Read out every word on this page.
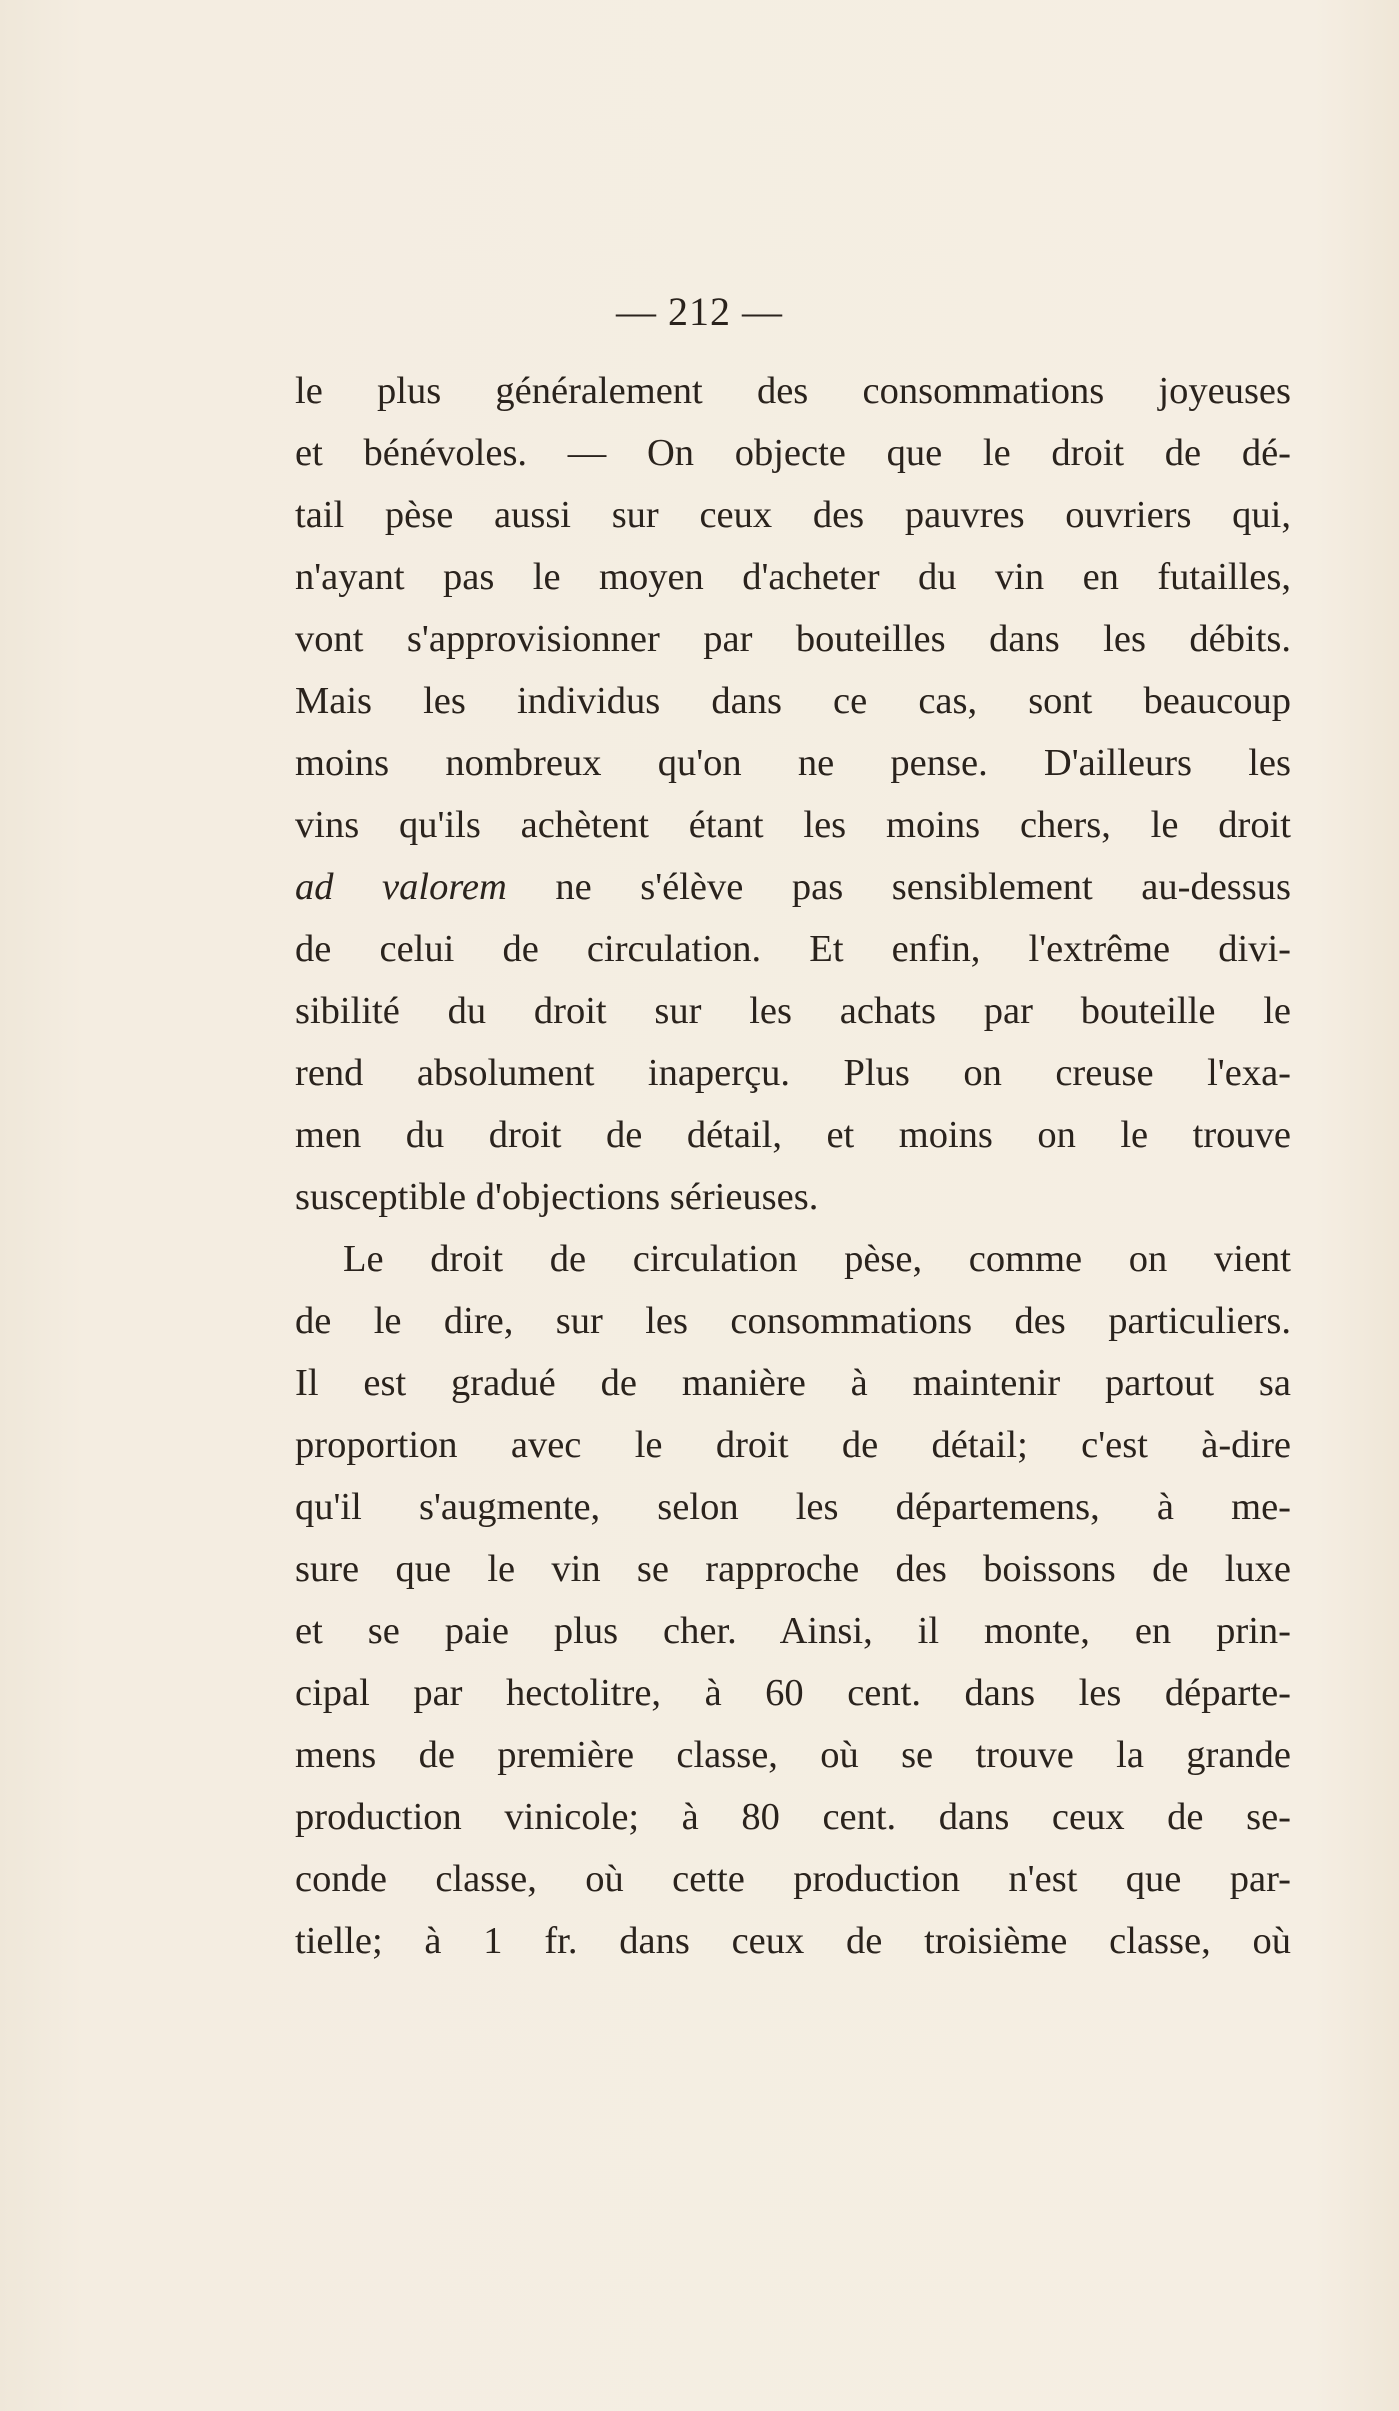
— 212 —
le plus généralement des consommations joyeuses
et bénévoles. — On objecte que le droit de dé-
tail pèse aussi sur ceux des pauvres ouvriers qui,
n'ayant pas le moyen d'acheter du vin en futailles,
vont s'approvisionner par bouteilles dans les débits.
Mais les individus dans ce cas, sont beaucoup
moins nombreux qu'on ne pense. D'ailleurs les
vins qu'ils achètent étant les moins chers, le droit
ad valorem ne s'élève pas sensiblement au-dessus
de celui de circulation. Et enfin, l'extrême divi-
sibilité du droit sur les achats par bouteille le
rend absolument inaperçu. Plus on creuse l'exa-
men du droit de détail, et moins on le trouve
susceptible d'objections sérieuses.
Le droit de circulation pèse, comme on vient
de le dire, sur les consommations des particuliers.
Il est gradué de manière à maintenir partout sa
proportion avec le droit de détail; c'est à-dire
qu'il s'augmente, selon les départemens, à me-
sure que le vin se rapproche des boissons de luxe
et se paie plus cher. Ainsi, il monte, en prin-
cipal par hectolitre, à 60 cent. dans les départe-
mens de première classe, où se trouve la grande
production vinicole; à 80 cent. dans ceux de se-
conde classe, où cette production n'est que par-
tielle; à 1 fr. dans ceux de troisième classe, où
